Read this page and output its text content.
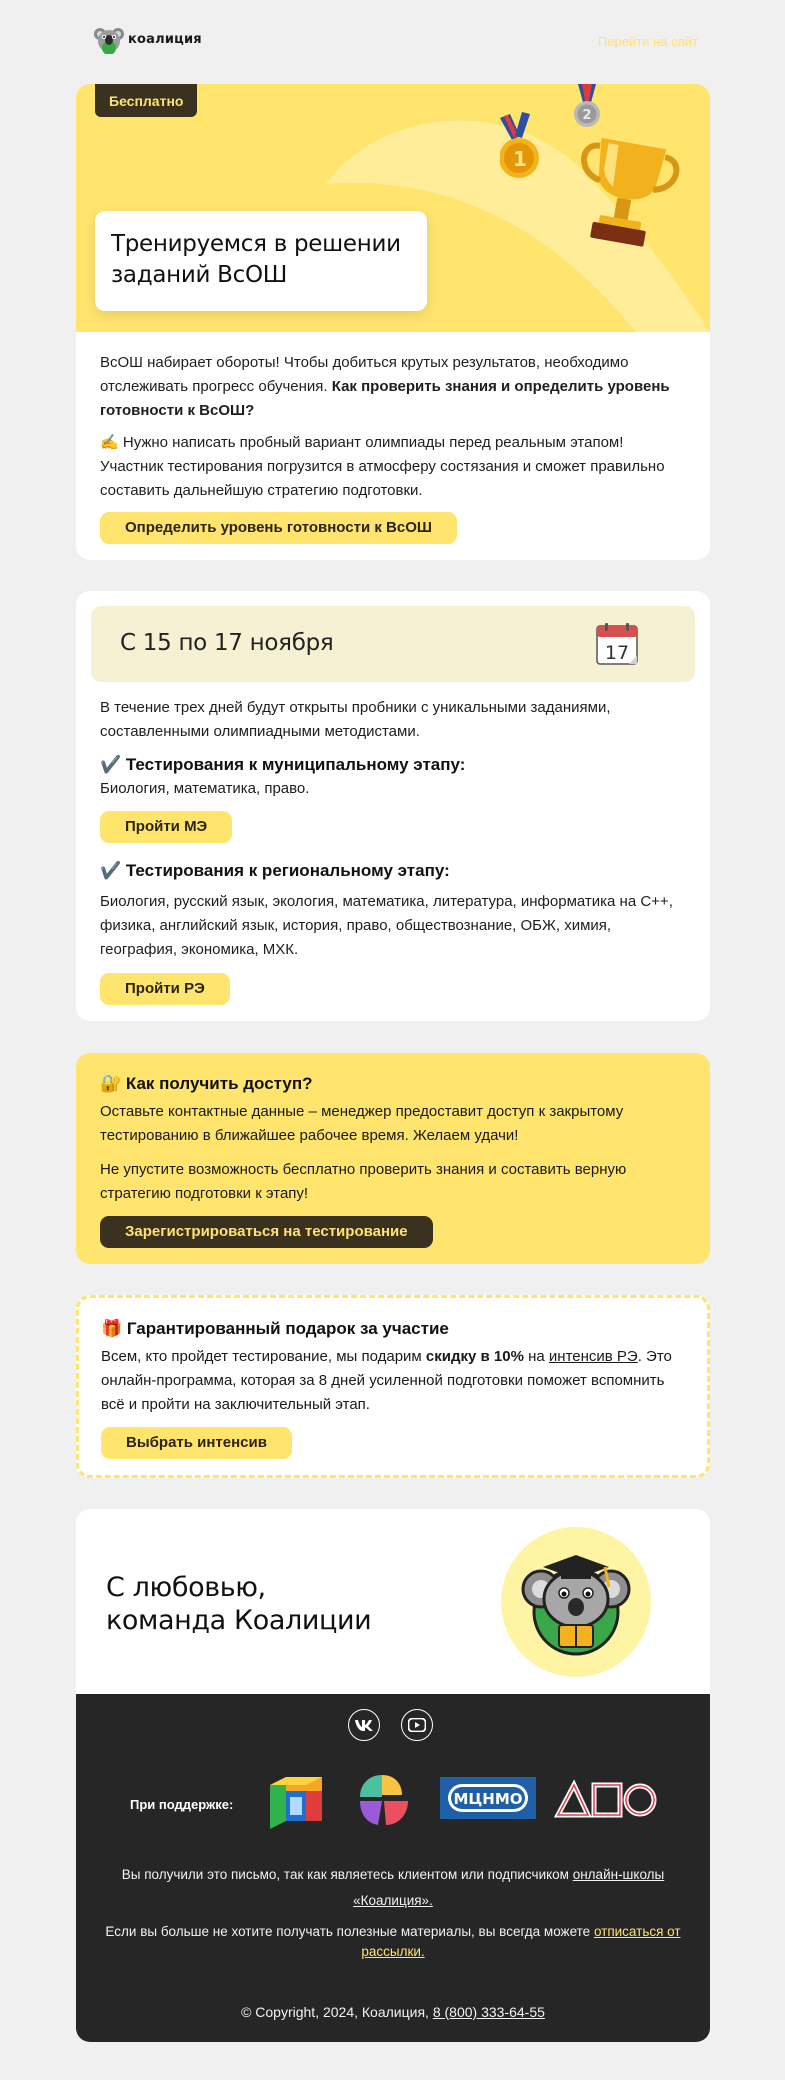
коалиция	Перейти на сайт
Бесплатно
2
1
Тренируемся в решении
заданий ВсОШ

ВсОШ набирает обороты! Чтобы добиться крутых результатов, необходимо отслеживать прогресс обучения. Как проверить знания и определить уровень готовности к ВсОШ?

✍️ Нужно написать пробный вариант олимпиады перед реальным этапом! Участник тестирования погрузится в атмосферу состязания и сможет правильно составить дальнейшую стратегию подготовки.

Определить уровень готовности к ВсОШ
С 15 по 17 ноября	17

В течение трех дней будут открыты пробники с уникальными заданиями, составленными олимпиадными методистами.

✔️ Тестирования к муниципальному этапу:

Биология, математика, право.

Пройти МЭ
✔️ Тестирования к региональному этапу:

Биология, русский язык, экология, математика, литература, информатика на C++, физика, английский язык, история, право, обществознание, ОБЖ, химия, география, экономика, МХК.

Пройти РЭ
🔐 Как получить доступ?

Оставьте контактные данные – менеджер предоставит доступ к закрытому тестированию в ближайшее рабочее время. Желаем удачи!

Не упустите возможность бесплатно проверить знания и составить верную стратегию подготовки к этапу!

Зарегистрироваться на тестирование
🎁 Гарантированный подарок за участие

Всем, кто пройдет тестирование, мы подарим скидку в 10% на интенсив РЭ. Это онлайн-программа, которая за 8 дней усиленной подготовки поможет вспомнить всё и пройти на заключительный этап.

Выбрать интенсив
С любовью,
команда Коалиции
При поддержке:	МЦНМО
Вы получили это письмо, так как являетесь клиентом или подписчиком онлайн-школы «Коалиция».
Если вы больше не хотите получать полезные материалы, вы всегда можете отписаться от рассылки.
© Copyright, 2024, Коалиция, 8 (800) 333-64-55
